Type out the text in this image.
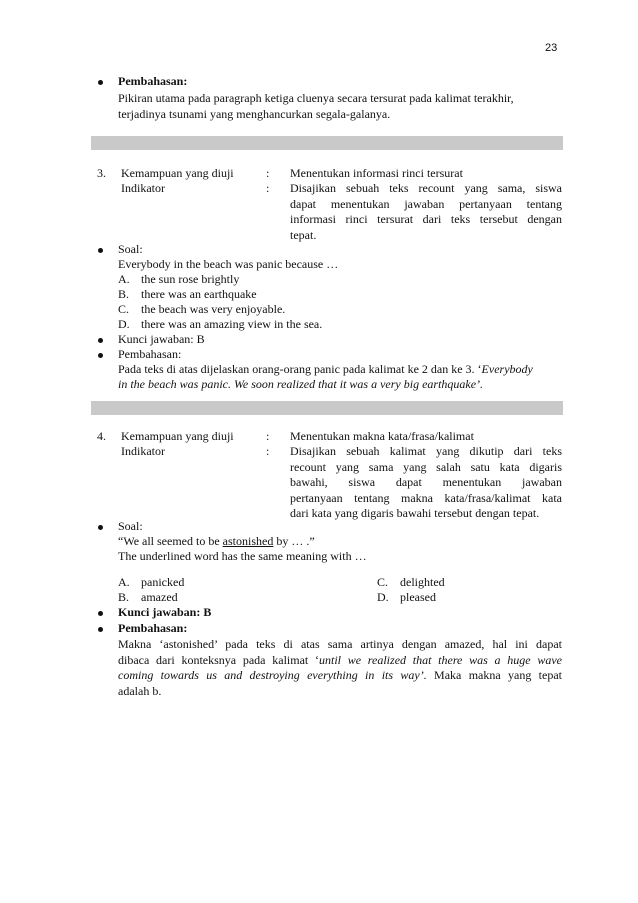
23
Pembahasan:
Pikiran utama pada paragraph ketiga cluenya secara tersurat pada kalimat terakhir,
terjadinya tsunami yang menghancurkan segala-galanya.
3. Kemampuan yang diuji
Indikator
:
:
Menentukan informasi rinci tersurat
Disajikan sebuah teks recount yang sama, siswa
dapat menentukan jawaban pertanyaan tentang
informasi rinci tersurat dari teks tersebut dengan
tepat.
Soal:
Everybody in the beach was panic because …
A. the sun rose brightly
B. there was an earthquake
C. the beach was very enjoyable.
D. there was an amazing view in the sea.
Kunci jawaban: B
Pembahasan:
Pada teks di atas dijelaskan orang-orang panic pada kalimat ke 2 dan ke 3. ‘Everybody
in the beach was panic. We soon realized that it was a very big earthquake’.
4. Kemampuan yang diuji
Indikator
:
:
Menentukan makna kata/frasa/kalimat
Disajikan sebuah kalimat yang dikutip dari teks
recount yang sama yang salah satu kata digaris
bawahi, siswa dapat menentukan jawaban
pertanyaan tentang makna kata/frasa/kalimat kata
dari kata yang digaris bawahi tersebut dengan tepat.
Soal:
“We all seemed to be astonished by … .”
The underlined word has the same meaning with …
A. panicked
B. amazed
C. delighted
D. pleased
Kunci jawaban: B
Pembahasan:
Makna ‘astonished’ pada teks di atas sama artinya dengan amazed, hal ini dapat
dibaca dari konteksnya pada kalimat ‘until we realized that there was a huge wave
coming towards us and destroying everything in its way’. Maka makna yang tepat
adalah b.
